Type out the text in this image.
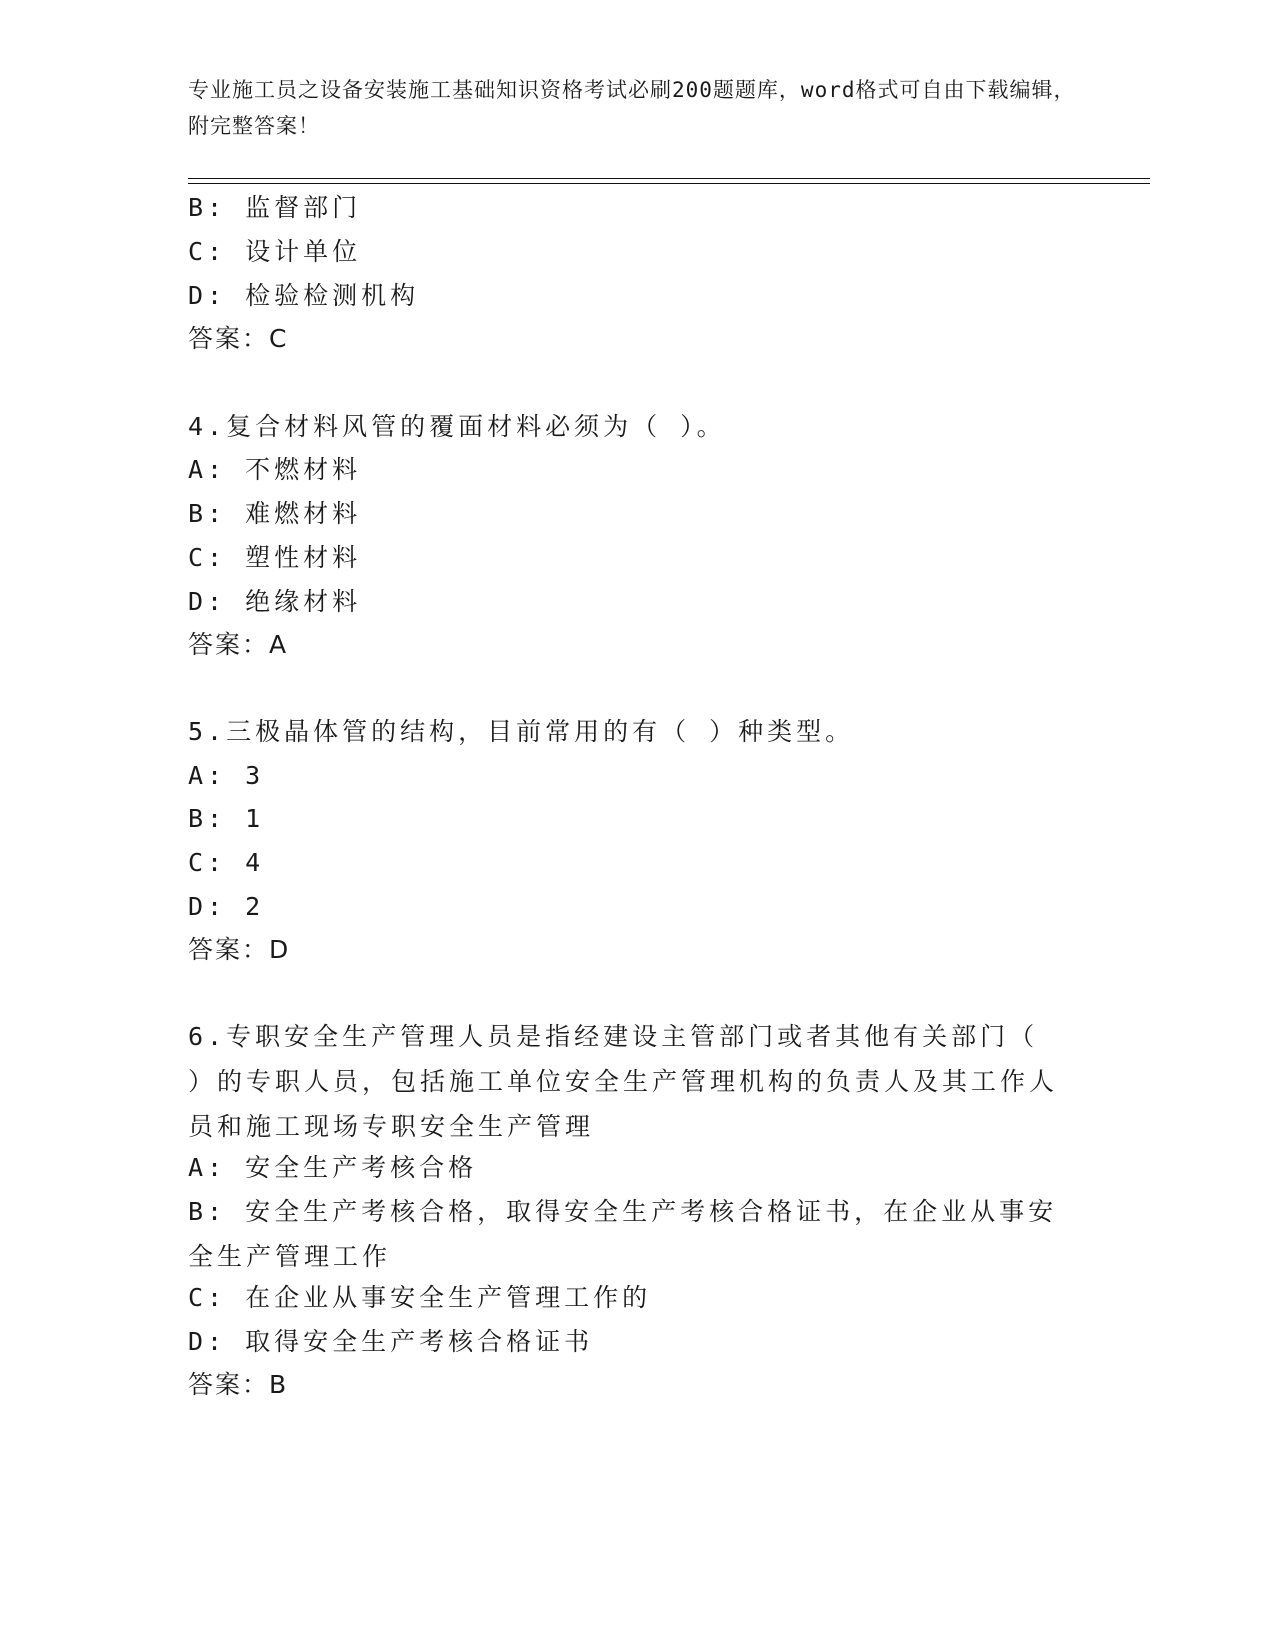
专业施工员之设备安装施工基础知识资格考试必刷200题题库，word格式可自由下载编辑，附完整答案！
B: 监督部门
C: 设计单位
D: 检验检测机构
答案：C
4.复合材料风管的覆面材料必须为（ ）。
A: 不燃材料
B: 难燃材料
C: 塑性材料
D: 绝缘材料
答案：A
5.三极晶体管的结构，目前常用的有（ ）种类型。
A: 3
B: 1
C: 4
D: 2
答案：D
6.专职安全生产管理人员是指经建设主管部门或者其他有关部门（ ）的专职人员，包括施工单位安全生产管理机构的负责人及其工作人员和施工现场专职安全生产管理
A: 安全生产考核合格
B: 安全生产考核合格，取得安全生产考核合格证书，在企业从事安全生产管理工作
C: 在企业从事安全生产管理工作的
D: 取得安全生产考核合格证书
答案：B
